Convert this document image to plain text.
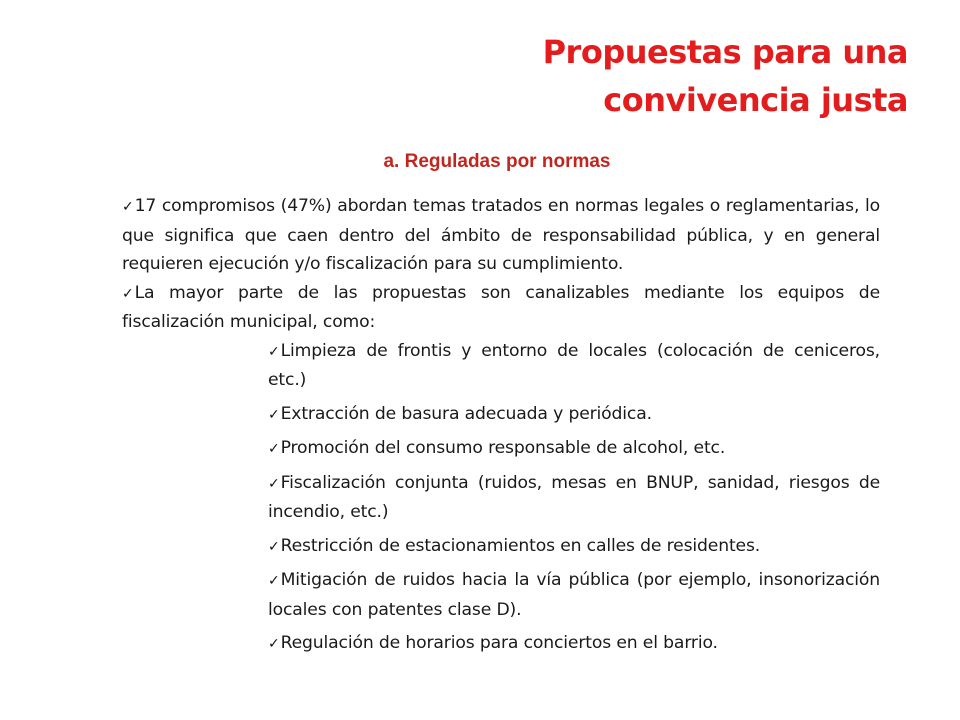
Propuestas para una
convivencia justa
a. Reguladas por normas
✓17 compromisos (47%) abordan temas tratados en normas legales o reglamentarias, lo que significa que caen dentro del ámbito de responsabilidad pública, y en general requieren ejecución y/o fiscalización para su cumplimiento.
✓La mayor parte de las propuestas son canalizables mediante los equipos de fiscalización municipal, como:
✓Limpieza de frontis y entorno de locales (colocación de ceniceros, etc.)
✓Extracción de basura adecuada y periódica.
✓Promoción del consumo responsable de alcohol, etc.
✓Fiscalización conjunta (ruidos, mesas en BNUP, sanidad, riesgos de incendio, etc.)
✓Restricción de estacionamientos en calles de residentes.
✓Mitigación de ruidos hacia la vía pública (por ejemplo, insonorización locales con patentes clase D).
✓Regulación de horarios para conciertos en el barrio.
